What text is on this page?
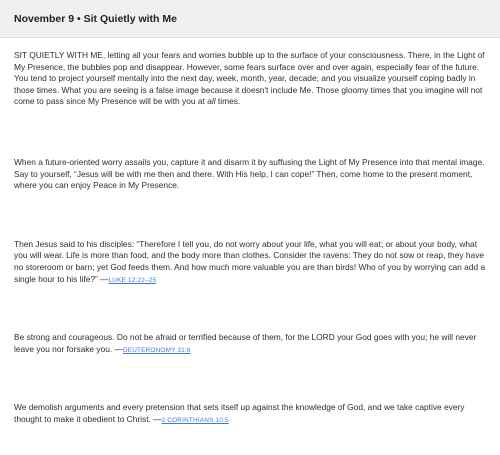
November 9 • Sit Quietly with Me

SIT QUIETLY WITH ME, letting all your fears and worries bubble up to the surface of your consciousness. There, in the Light of My Presence, the bubbles pop and disappear. However, some fears surface over and over again, especially fear of the future. You tend to project yourself mentally into the next day, week, month, year, decade; and you visualize yourself coping badly in those times. What you are seeing is a false image because it doesn't include Me. Those gloomy times that you imagine will not come to pass since My Presence will be with you at all times.

When a future-oriented worry assails you, capture it and disarm it by suffusing the Light of My Presence into that mental image. Say to yourself, “Jesus will be with me then and there. With His help, I can cope!” Then, come home to the present moment, where you can enjoy Peace in My Presence.

Then Jesus said to his disciples: “Therefore I tell you, do not worry about your life, what you will eat; or about your body, what you will wear. Life is more than food, and the body more than clothes. Consider the ravens: They do not sow or reap, they have no storeroom or barn; yet God feeds them. And how much more valuable you are than birds! Who of you by worrying can add a single hour to his life?” —LUKE 12:22–25

Be strong and courageous. Do not be afraid or terrified because of them, for the LORD your God goes with you; he will never leave you nor forsake you. —DEUTERONOMY 31:6

We demolish arguments and every pretension that sets itself up against the knowledge of God, and we take captive every thought to make it obedient to Christ. —2 CORINTHIANS 10:5
